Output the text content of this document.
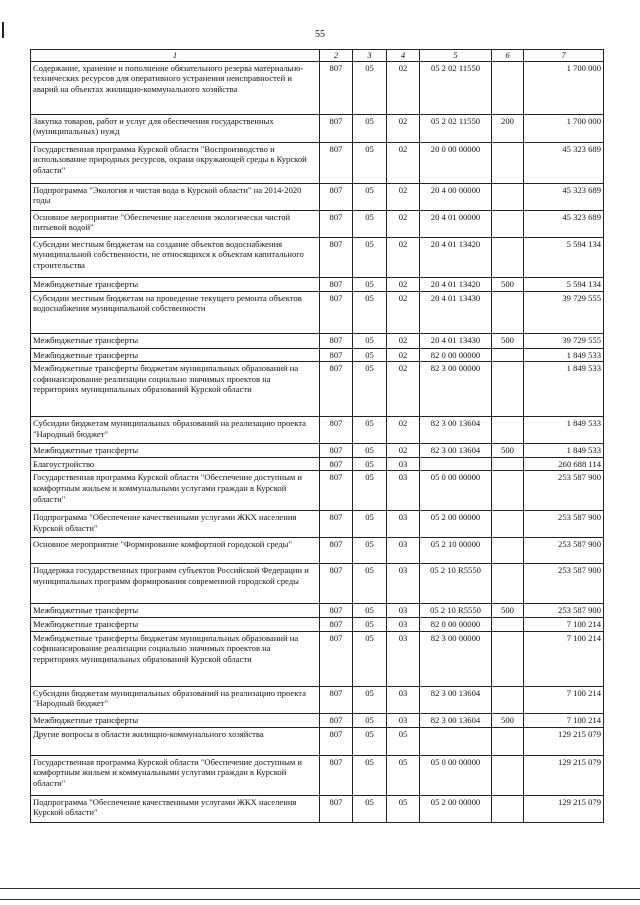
55
1	2	3	4	5	6	7
Содержание, хранение и пополнение обязательного резерва материально-технических ресурсов для оперативного устранения неисправностей и аварий на объектах жилищно-коммунального хозяйства	807	05	02	05 2 02 11550		1 700 000
Закупка товаров, работ и услуг для обеспечения государственных (муниципальных) нужд	807	05	02	05 2 02 11550	200	1 700 000
Государственная программа Курской области "Воспроизводство и использование природных ресурсов, охрана окружающей среды в Курской области"	807	05	02	20 0 00 00000		45 323 689
Подпрограмма "Экология и чистая вода в Курской области" на 2014-2020 годы	807	05	02	20 4 00 00000		45 323 689
Основное мероприятие "Обеспечение населения экологически чистой питьевой водой"	807	05	02	20 4 01 00000		45 323 689
Субсидии местным бюджетам на создание объектов водоснабжения муниципальной собственности, не относящихся к объектам капитального строительства	807	05	02	20 4 01 13420		5 594 134
Межбюджетные трансферты	807	05	02	20 4 01 13420	500	5 594 134
Субсидии местным бюджетам на проведение текущего ремонта объектов водоснабжения муниципальной собственности	807	05	02	20 4 01 13430		39 729 555
Межбюджетные трансферты	807	05	02	20 4 01 13430	500	39 729 555
Межбюджетные трансферты	807	05	02	82 0 00 00000		1 849 533
Межбюджетные трансферты бюджетам муниципальных образований на софинансирование реализации социально значимых проектов на территориях муниципальных образований Курской области	807	05	02	82 3 00 00000		1 849 533
Субсидии бюджетам муниципальных образований на реализацию проекта "Народный бюджет"	807	05	02	82 3 00 13604		1 849 533
Межбюджетные трансферты	807	05	02	82 3 00 13604	500	1 849 533
Благоустройство	807	05	03			260 688 114
Государственная программа Курской области "Обеспечение доступным и комфортным жильем и коммунальными услугами граждан в Курской области"	807	05	03	05 0 00 00000		253 587 900
Подпрограмма "Обеспечение качественными услугами ЖКХ населения Курской области"	807	05	03	05 2 00 00000		253 587 900
Основное мероприятие "Формирование комфортной городской среды"	807	05	03	05 2 10 00000		253 587 900
Поддержка государственных программ субъектов Российской Федерации и муниципальных программ формирования современной городской среды	807	05	03	05 2 10 R5550		253 587 900
Межбюджетные трансферты	807	05	03	05 2 10 R5550	500	253 587 900
Межбюджетные трансферты	807	05	03	82 0 00 00000		7 100 214
Межбюджетные трансферты бюджетам муниципальных образований на софинансирование реализации социально значимых проектов на территориях муниципальных образований Курской области	807	05	03	82 3 00 00000		7 100 214
Субсидии бюджетам муниципальных образований на реализацию проекта "Народный бюджет"	807	05	03	82 3 00 13604		7 100 214
Межбюджетные трансферты	807	05	03	82 3 00 13604	500	7 100 214
Другие вопросы в области жилищно-коммунального хозяйства	807	05	05			129 215 079
Государственная программа Курской области "Обеспечение доступным и комфортным жильем и коммунальными услугами граждан в Курской области"	807	05	05	05 0 00 00000		129 215 079
Подпрограмма "Обеспечение качественными услугами ЖКХ населения Курской области"	807	05	05	05 2 00 00000		129 215 079
